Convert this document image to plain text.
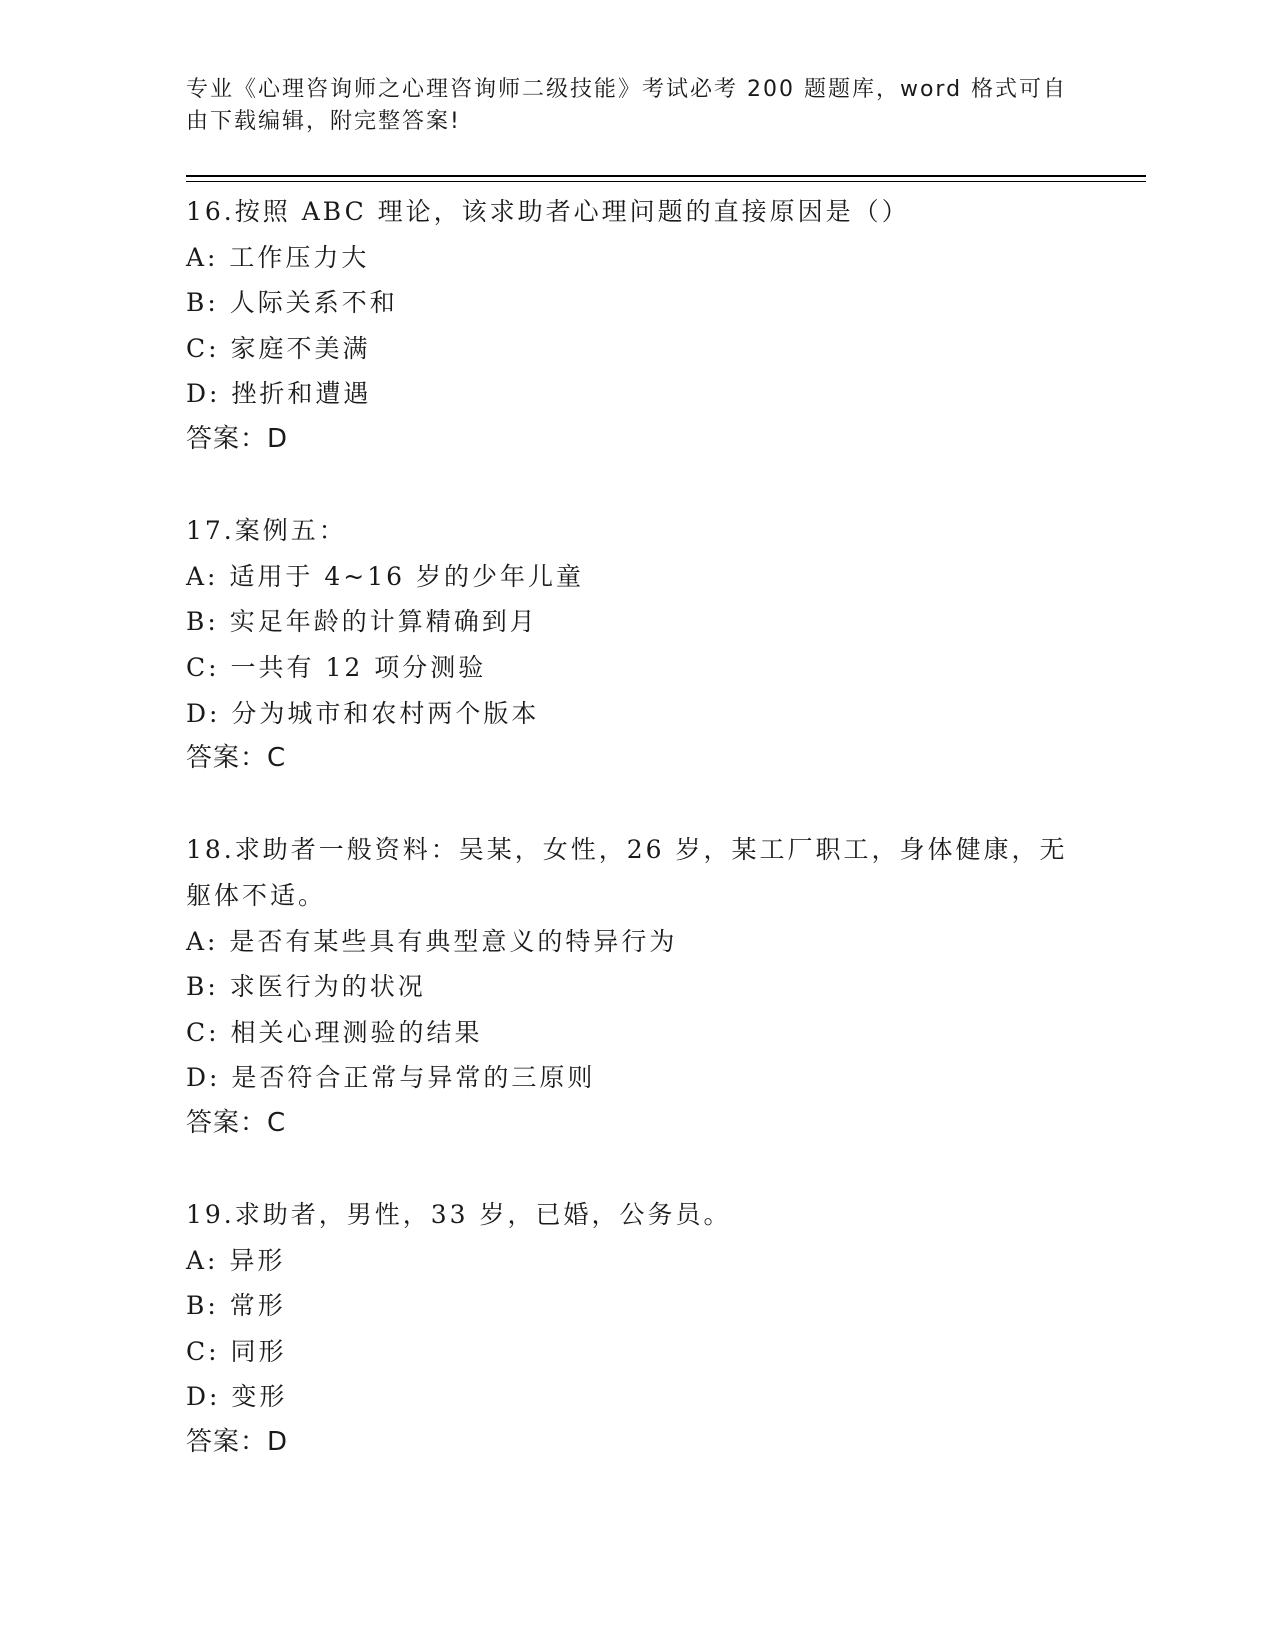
专业《心理咨询师之心理咨询师二级技能》考试必考 200 题题库，word 格式可自
由下载编辑，附完整答案!
16.按照 ABC 理论，该求助者心理问题的直接原因是（）
A: 工作压力大
B: 人际关系不和
C: 家庭不美满
D: 挫折和遭遇
答案：D
17.案例五：
A: 适用于 4~16 岁的少年儿童
B: 实足年龄的计算精确到月
C: 一共有 12 项分测验
D: 分为城市和农村两个版本
答案：C
18.求助者一般资料：吴某，女性，26 岁，某工厂职工，身体健康，无
躯体不适。
A: 是否有某些具有典型意义的特异行为
B: 求医行为的状况
C: 相关心理测验的结果
D: 是否符合正常与异常的三原则
答案：C
19.求助者，男性，33 岁，已婚，公务员。
A: 异形
B: 常形
C: 同形
D: 变形
答案：D
